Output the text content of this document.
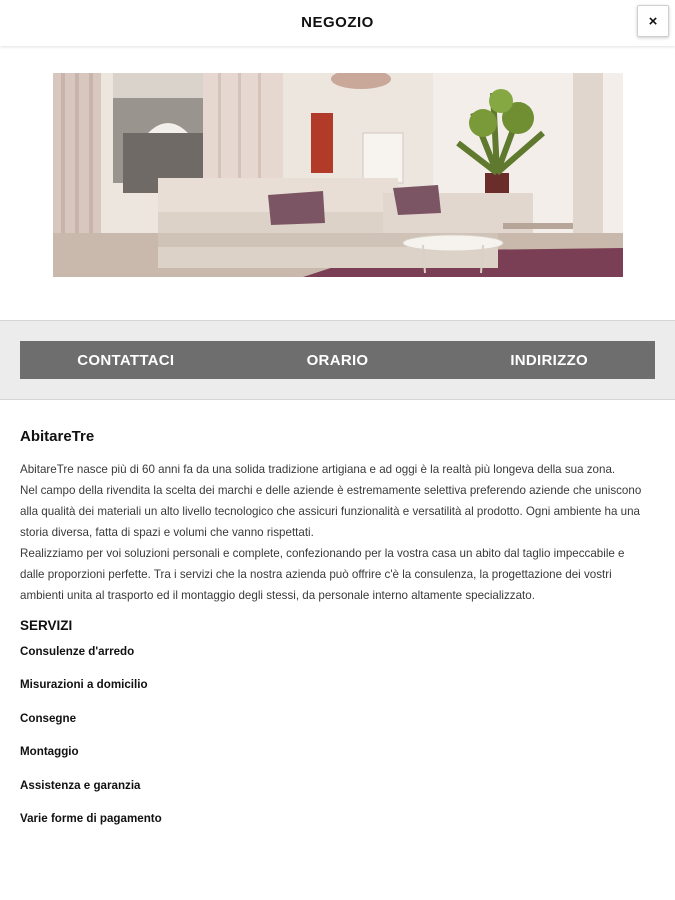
NEGOZIO	×
CONTATTACI	ORARIO	INDIRIZZO
AbitareTre

AbitareTre nasce più di 60 anni fa da una solida tradizione artigiana e ad oggi è la realtà più longeva della sua zona.

Nel campo della rivendita la scelta dei marchi e delle aziende è estremamente selettiva preferendo aziende che uniscono alla qualità dei materiali un alto livello tecnologico che assicuri funzionalità e versatilità al prodotto. Ogni ambiente ha una storia diversa, fatta di spazi e volumi che vanno rispettati.

Realizziamo per voi soluzioni personali e complete, confezionando per la vostra casa un abito dal taglio impeccabile e dalle proporzioni perfette. Tra i servizi che la nostra azienda può offrire c'è la consulenza, la progettazione dei vostri ambienti unita al trasporto ed il montaggio degli stessi, da personale interno altamente specializzato.

SERVIZI
Consulenze d'arredo
Misurazioni a domicilio
Consegne
Montaggio
Assistenza e garanzia
Varie forme di pagamento
